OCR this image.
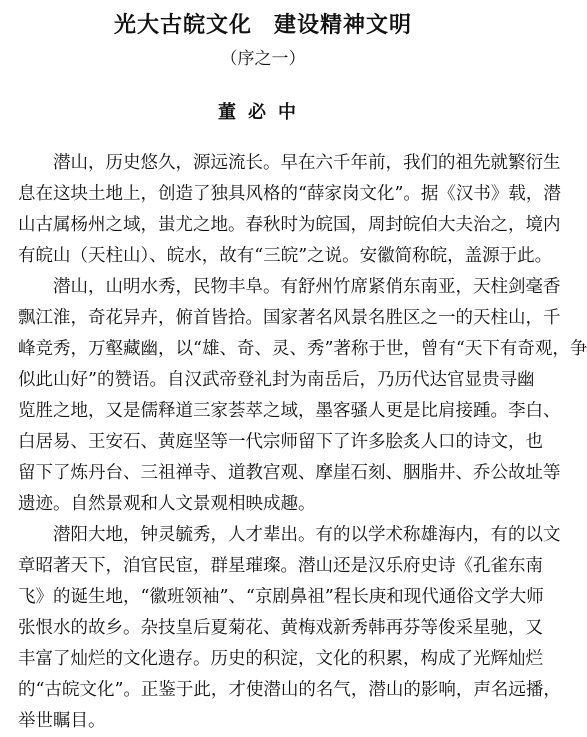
光大古皖文化 建设精神文明
（序之一）
董必中
　　潜山，历史悠久，源远流长。早在六千年前，我们的祖先就繁衍生
息在这块土地上，创造了独具风格的“薛家岗文化”。据《汉书》载，潜
山古属杨州之域，蚩尤之地。春秋时为皖国，周封皖伯大夫治之，境内
有皖山（天柱山）、皖水，故有“三皖”之说。安徽简称皖，盖源于此。
　　潜山，山明水秀，民物丰阜。有舒州竹席紧俏东南亚，天柱剑毫香
飘江淮，奇花异卉，俯首皆拾。国家著名风景名胜区之一的天柱山，千
峰竞秀，万壑藏幽，以“雄、奇、灵、秀”著称于世，曾有“天下有奇观，争
似此山好”的赞语。自汉武帝登礼封为南岳后，乃历代达官显贵寻幽
览胜之地，又是儒释道三家荟萃之域，墨客骚人更是比肩接踵。李白、
白居易、王安石、黄庭坚等一代宗师留下了许多脍炙人口的诗文，也
留下了炼丹台、三祖禅寺、道教宫观、摩崖石刻、胭脂井、乔公故址等
遗迹。自然景观和人文景观相映成趣。
　　潜阳大地，钟灵毓秀，人才辈出。有的以学术称雄海内，有的以文
章昭著天下，洎官民宦，群星璀璨。潜山还是汉乐府史诗《孔雀东南
飞》的诞生地，“徽班领袖”、“京剧鼻祖”程长庚和现代通俗文学大师
张恨水的故乡。杂技皇后夏菊花、黄梅戏新秀韩再芬等俊采星驰，又
丰富了灿烂的文化遗存。历史的积淀，文化的积累，构成了光辉灿烂
的“古皖文化”。正鉴于此，才使潜山的名气，潜山的影响，声名远播，
举世瞩目。
